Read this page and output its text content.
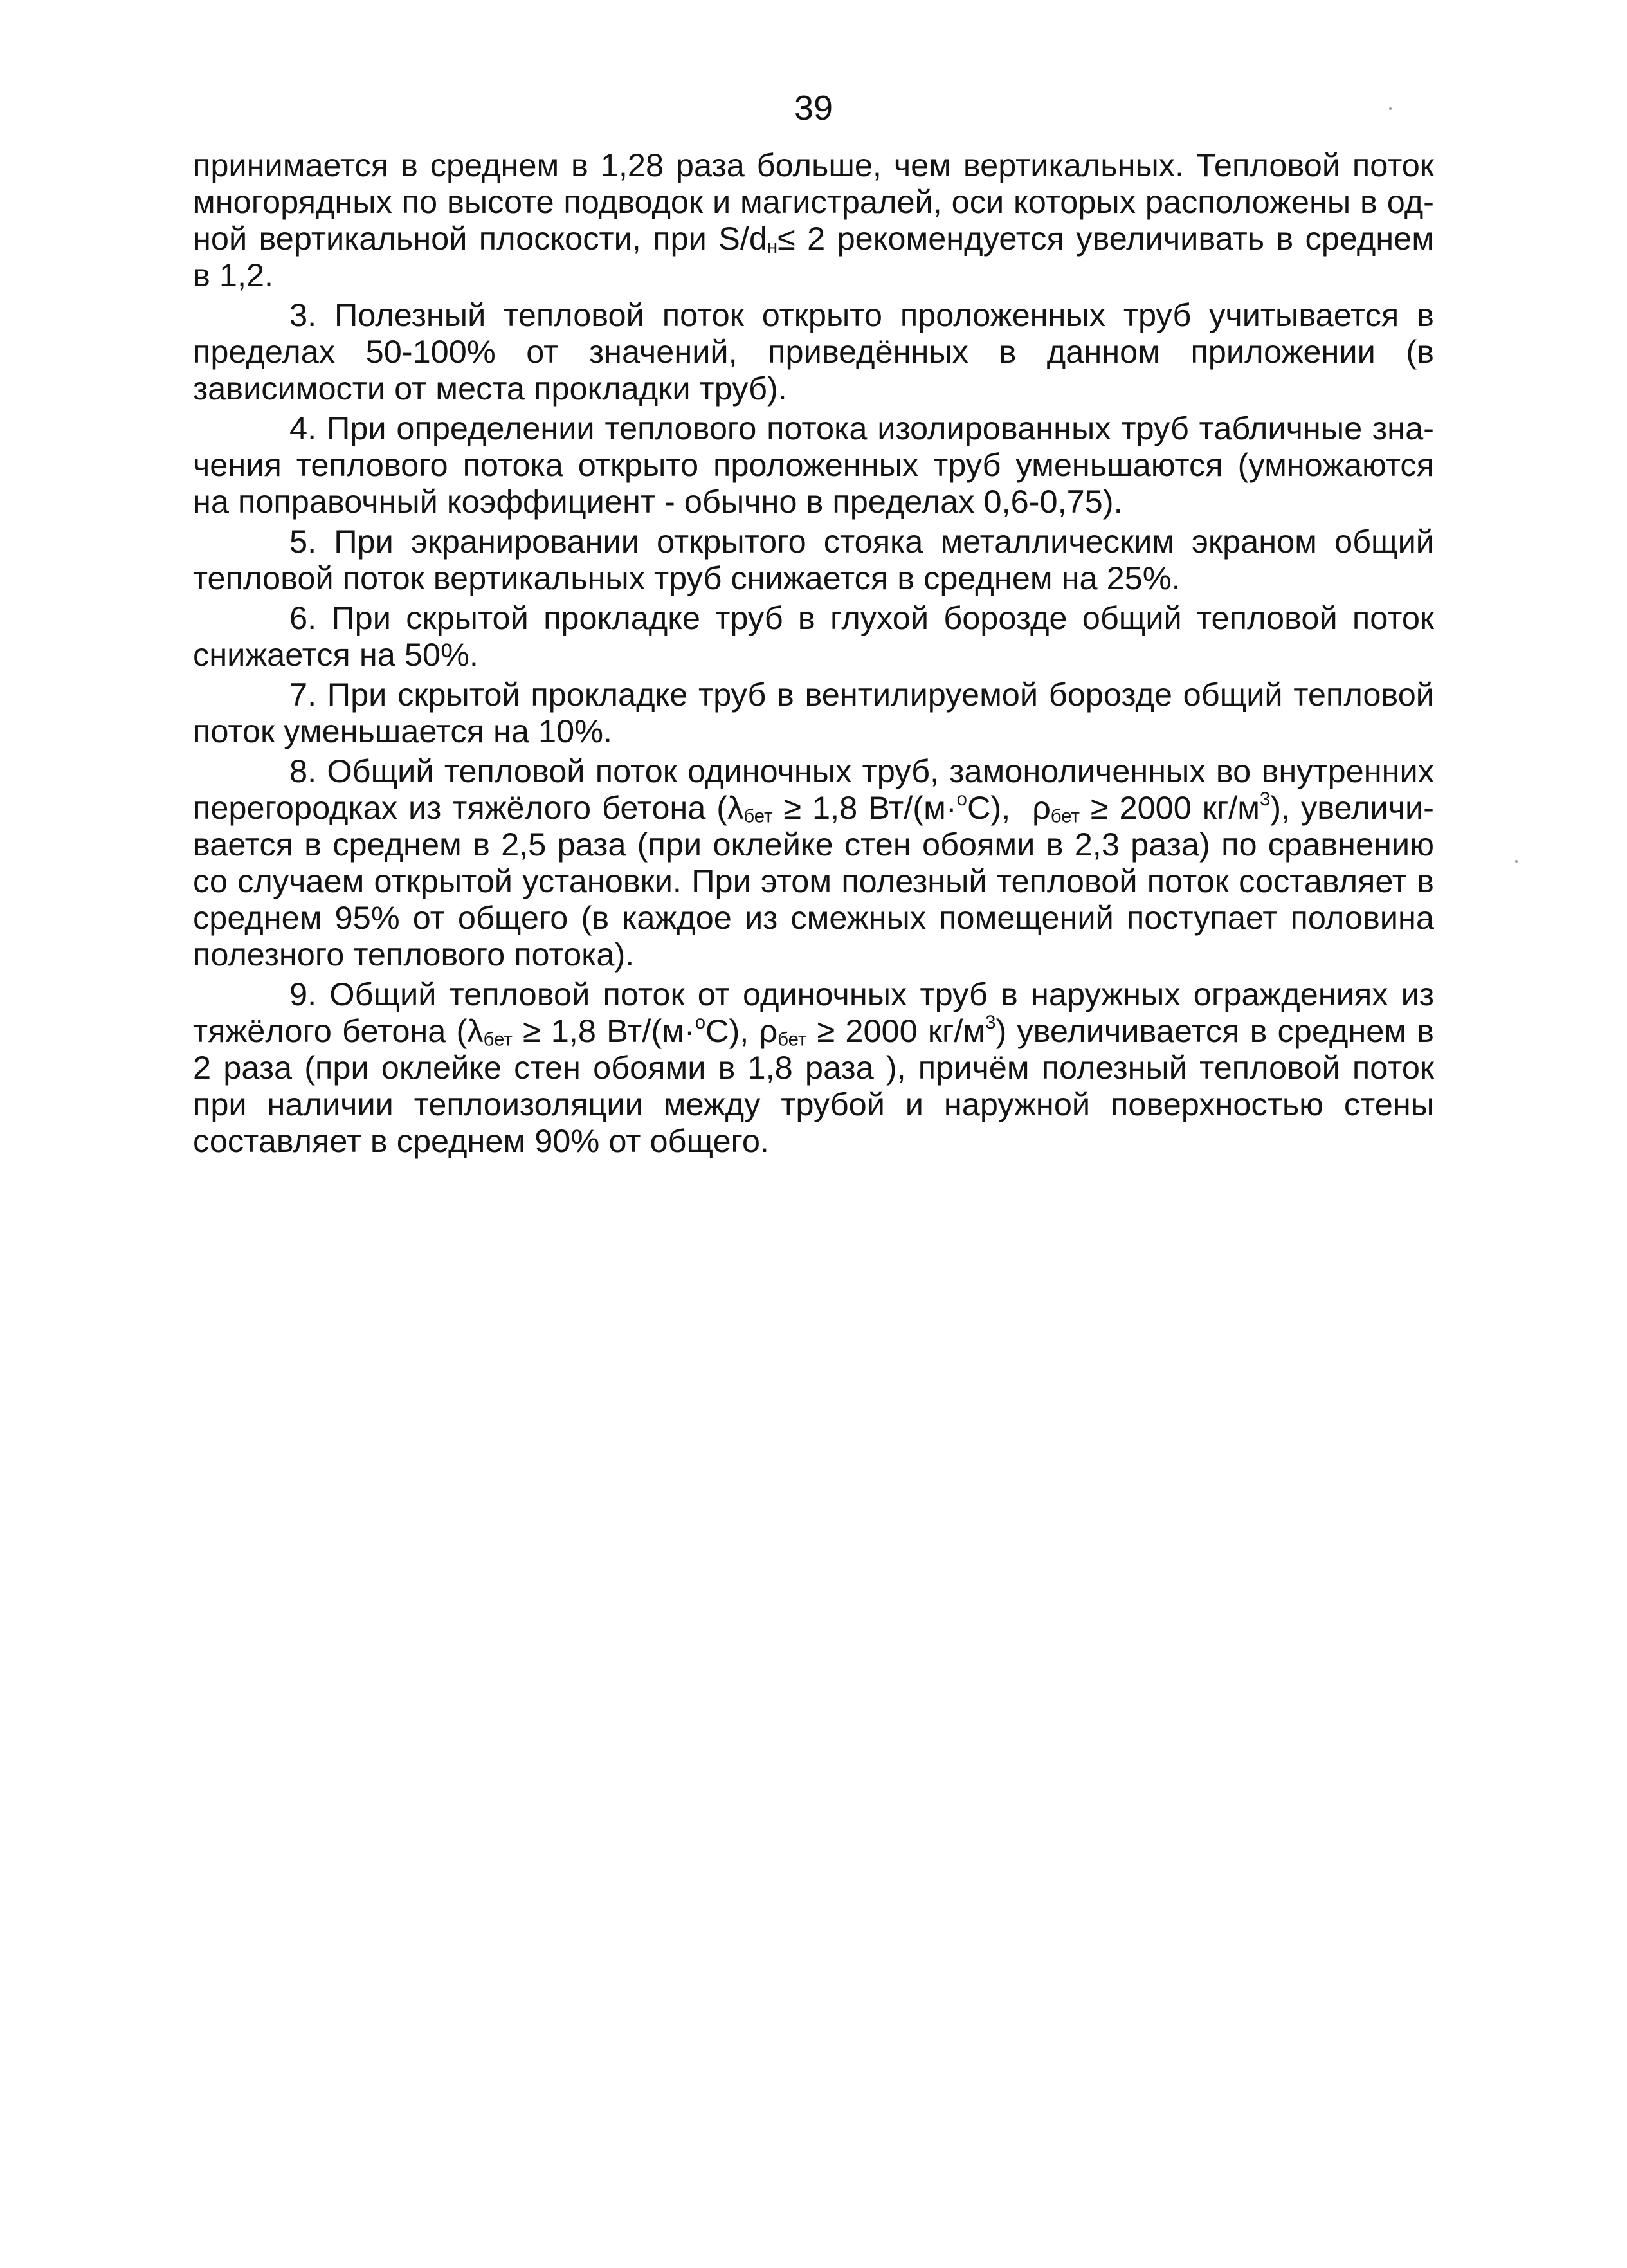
39

принимается в среднем в 1,28 раза больше, чем вертикальных. Тепловой поток многорядных по высоте подводок и магистралей, оси которых расположены в одной вертикальной плоскости, при S/dн≤ 2 рекомендуется увеличивать в среднем в 1,2.

3. Полезный тепловой поток открыто проложенных труб учитывается в пределах 50-100% от значений, приведённых в данном приложении (в зависимости от места прокладки труб).

4. При определении теплового потока изолированных труб табличные значения теплового потока открыто проложенных труб уменьшаются (умножаются на поправочный коэффициент - обычно в пределах 0,6-0,75).

5. При экранировании открытого стояка металлическим экраном общий тепловой поток вертикальных труб снижается в среднем на 25%.

6. При скрытой прокладке труб в глухой борозде общий тепловой поток снижается на 50%.

7. При скрытой прокладке труб в вентилируемой борозде общий тепловой поток уменьшается на 10%.

8. Общий тепловой поток одиночных труб, замоноличенных во внутренних перегородках из тяжёлого бетона (λбет ≥ 1,8 Вт/(м·$^o$C),  ρбет ≥ 2000 $кг/м^3$), увеличивается в среднем в 2,5 раза (при оклейке стен обоями в 2,3 раза) по сравнению со случаем открытой установки. При этом полезный тепловой поток составляет в среднем 95% от общего (в каждое из смежных помещений поступает половина полезного теплового потока).

9. Общий тепловой поток от одиночных труб в наружных ограждениях из тяжёлого бетона (λбет ≥ 1,8 Вт/(м·$^o$C), ρбет ≥ 2000 $кг/м^3$) увеличивается в среднем в 2 раза (при оклейке стен обоями в 1,8 раза ), причём полезный тепловой поток при наличии теплоизоляции между трубой и наружной поверхностью стены составляет в среднем 90% от общего.
